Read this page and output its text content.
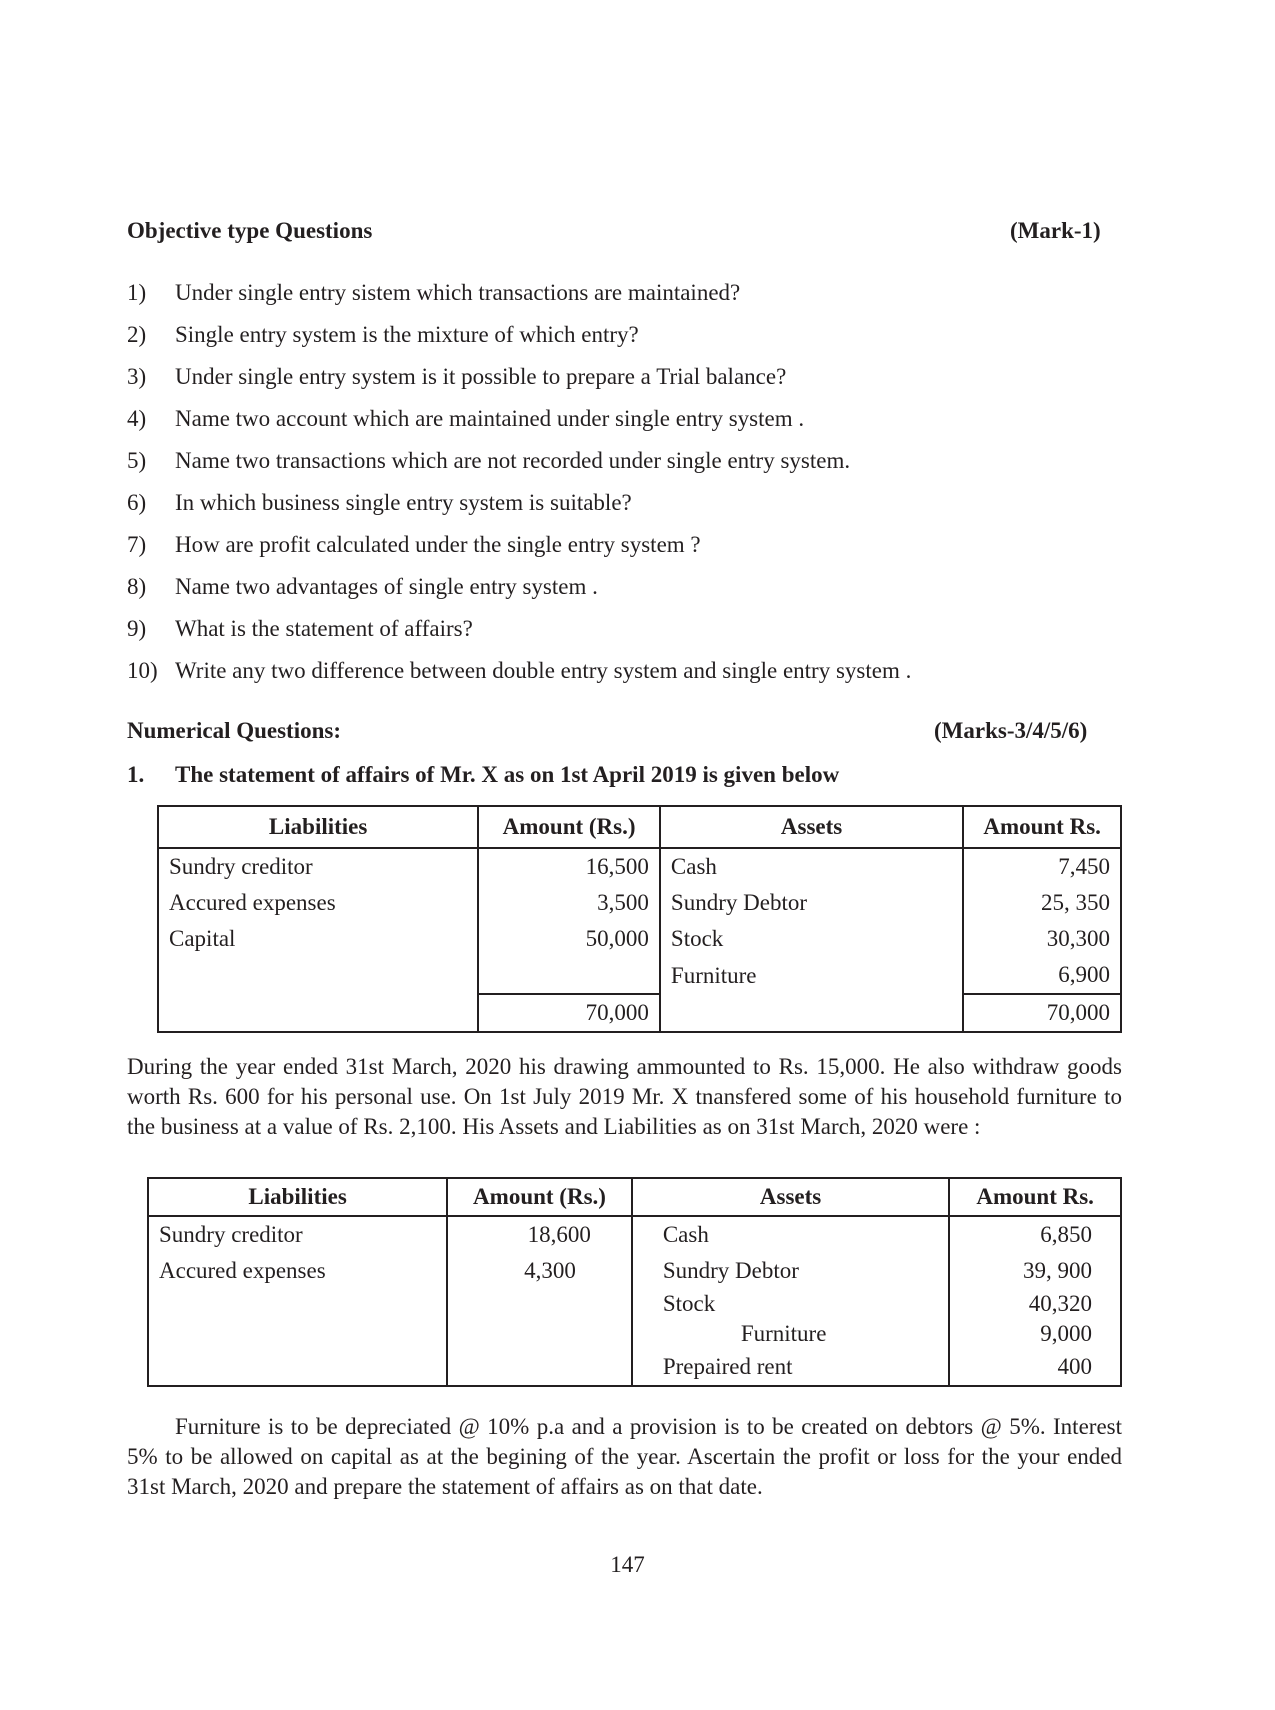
Objective type Questions	(Mark-1)
1) Under single entry sistem which transactions are maintained?
2) Single entry system is the mixture of which entry?
3) Under single entry system is it possible to prepare a Trial balance?
4) Name two account which are maintained under single entry system .
5) Name two transactions which are not recorded under single entry system.
6) In which business single entry system is suitable?
7) How are profit calculated under the single entry system ?
8) Name two advantages of single entry system .
9) What is the statement of affairs?
10) Write any two difference between double entry system and single entry system .
Numerical Questions:	(Marks-3/4/5/6)
1. The statement of affairs of Mr. X as on 1st April 2019 is given below
Liabilities	Amount (Rs.)	Assets	Amount Rs.
Sundry creditor	16,500	Cash	7,450
Accured expenses	3,500	Sundry Debtor	25, 350
Capital	50,000	Stock	30,300
		Furniture	6,900
	70,000		70,000
During the year ended 31st March, 2020 his drawing ammounted to Rs. 15,000. He also withdraw goods worth Rs. 600 for his personal use. On 1st July 2019 Mr. X tnansfered some of his household furniture to the business at a value of Rs. 2,100. His Assets and Liabilities as on 31st March, 2020 were :
Liabilities	Amount (Rs.)	Assets	Amount Rs.
Sundry creditor	18,600	Cash	6,850
Accured expenses	4,300	Sundry Debtor	39, 900
		Stock	40,320
		Furniture	9,000
		Prepaired rent	400
Furniture is to be depreciated @ 10% p.a and a provision is to be created on debtors @ 5%. Interest 5% to be allowed on capital as at the begining of the year. Ascertain the profit or loss for the your ended 31st March, 2020 and prepare the statement of affairs as on that date.
147
